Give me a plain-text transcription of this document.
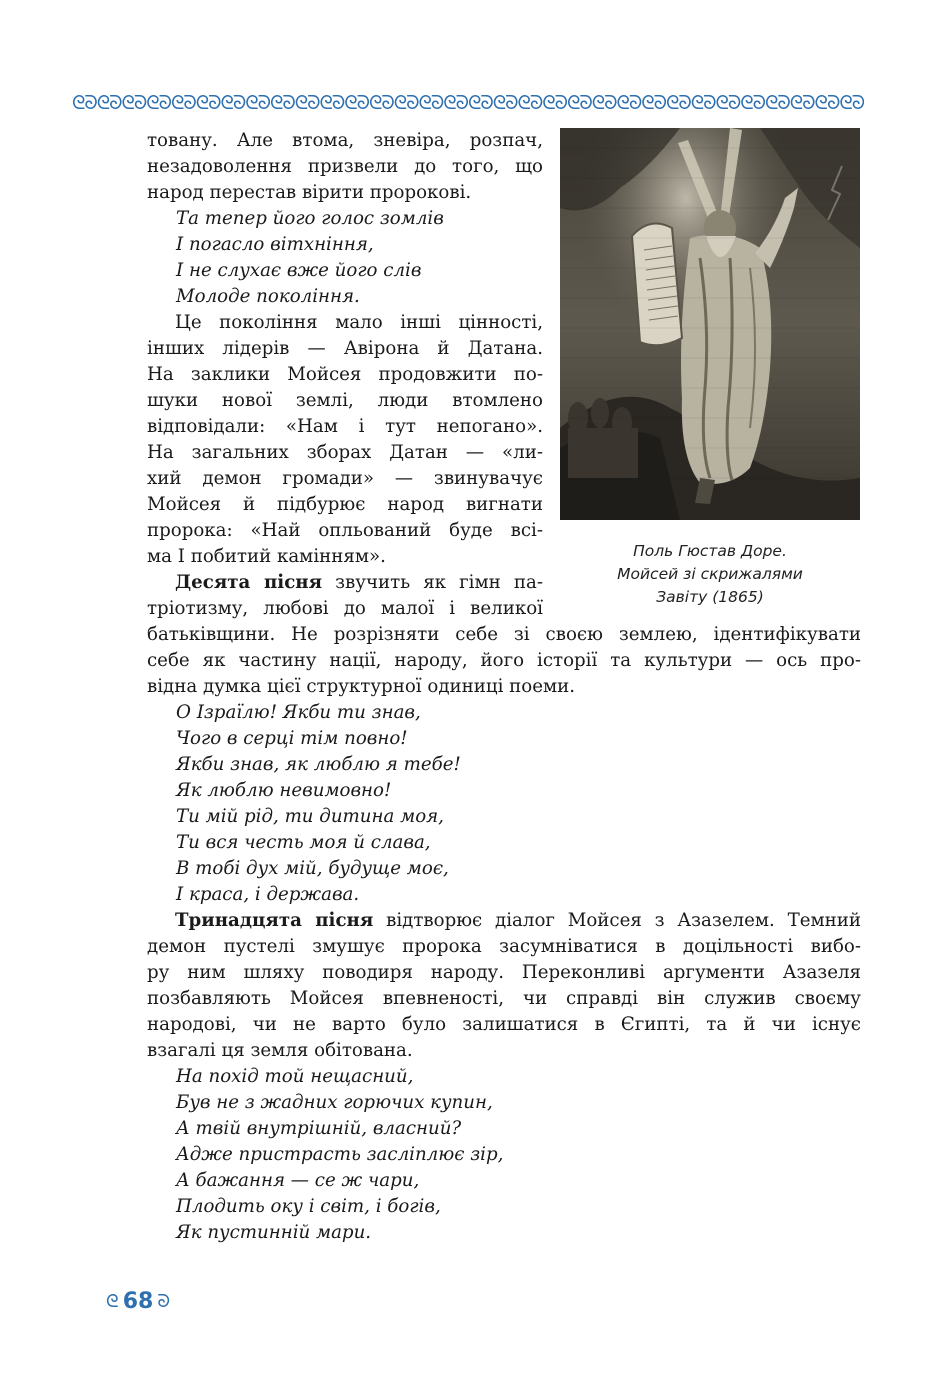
ᘓᘐᘓᘐᘓᘐᘓᘐᘓᘐᘓᘐᘓᘐᘓᘐᘓᘐᘓᘐᘓᘐᘓᘐᘓᘐᘓᘐᘓᘐᘓᘐᘓᘐᘓᘐᘓᘐᘓᘐᘓᘐᘓᘐᘓᘐᘓᘐᘓᘐᘓᘐᘓᘐᘓᘐᘓᘐᘓᘐᘓᘐᘓᘐ

товану. Але втома, зневіра, розпач,

незадоволення призвели до того, що

народ перестав вірити пророкові.

Та тепер його голос зомлів

І погасло вітхніння,

І не слухає вже його слів

Молоде покоління.

Це покоління мало інші цінності,

інших лідерів — Авірона й Датана.

На заклики Мойсея продовжити по-

шуки нової землі, люди втомлено

відповідали: «Нам і тут непогано».

На загальних зборах Датан — «ли-

хий демон громади» — звинувачує

Мойсея й підбурює народ вигнати

пророка: «Най опльований буде всі-

ма І побитий камінням».

Десята пісня звучить як гімн па-

тріотизму, любові до малої і великої

батьківщини. Не розрізняти себе зі своєю землею, ідентифікувати

себе як частину нації, народу, його історії та культури — ось про-

відна думка цієї структурної одиниці поеми.

О Ізраїлю! Якби ти знав,

Чого в серці тім повно!

Якби знав, як люблю я тебе!

Як люблю невимовно!

Ти мій рід, ти дитина моя,

Ти вся честь моя й слава,

В тобі дух мій, будуще моє,

І краса, і держава.

Тринадцята пісня відтворює діалог Мойсея з Азазелем. Темний

демон пустелі змушує пророка засумніватися в доцільності вибо-

ру ним шляху поводиря народу. Переконливі аргументи Азазеля

позбавляють Мойсея впевненості, чи справді він служив своєму

народові, чи не варто було залишатися в Єгипті, та й чи існує

взагалі ця земля обітована.

На похід той нещасний,

Був не з жадних горючих купин,

А твій внутрішній, власний?

Адже пристрасть засліплює зір,

А бажання — се ж чари,

Плодить оку і світ, і богів,

Як пустинній мари.

Поль Гюстав Доре.
Мойсей зі скрижалями
Завіту (1865)
ᘓ 68 ᘐ
